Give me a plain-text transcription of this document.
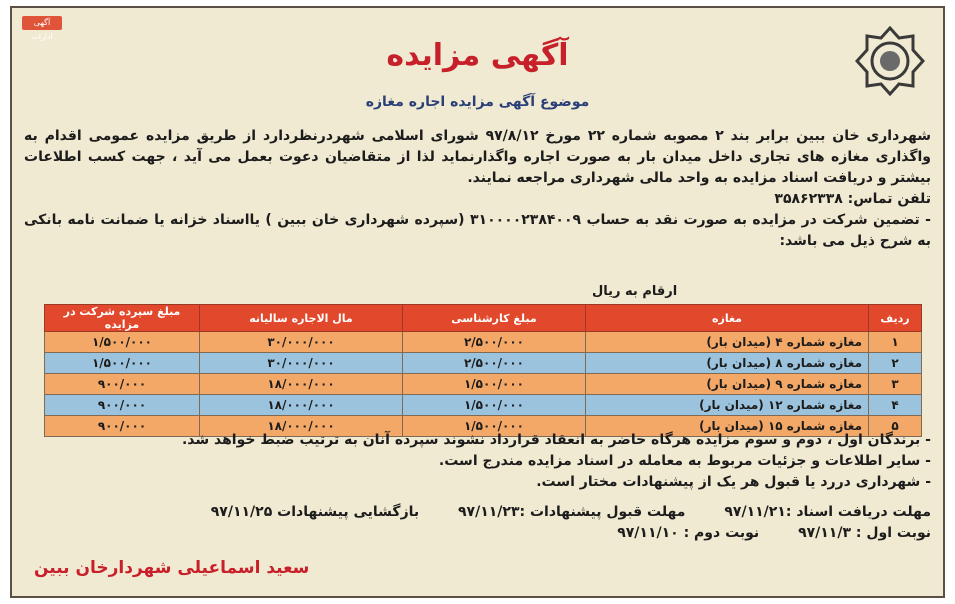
آگهی ادارات
آگهی مزایده
موضوع آگهی مزایده اجاره مغازه

شهرداری خان ببین برابر بند ۲ مصوبه شماره ۲۲ مورخ ۹۷/۸/۱۲ شورای اسلامی شهردرنظردارد از طریق مزایده عمومی اقدام به واگذاری مغازه های تجاری داخل میدان بار به صورت اجاره واگذارنماید لذا از متقاضیان دعوت بعمل می آید ، جهت کسب اطلاعات بیشتر و دریافت اسناد مزایده به واحد مالی شهرداری مراجعه نمایند.

تلفن تماس: ۳۵۸۶۲۳۳۸

- تضمین شرکت در مزایده به صورت نقد به حساب ۳۱۰۰۰۰۲۳۸۴۰۰۹ (سپرده شهرداری خان ببین ) یااسناد خزانه یا ضمانت نامه بانکی به شرح ذیل می باشد:

ارقام به ریال
ردیف	مغازه	مبلغ کارشناسی	مال الاجاره سالیانه	مبلغ سپرده شرکت در مزایده
۱	مغازه شماره ۴ (میدان بار)	۲/۵۰۰/۰۰۰	۳۰/۰۰۰/۰۰۰	۱/۵۰۰/۰۰۰
۲	مغازه شماره ۸ (میدان بار)	۲/۵۰۰/۰۰۰	۳۰/۰۰۰/۰۰۰	۱/۵۰۰/۰۰۰
۳	مغازه شماره ۹ (میدان بار)	۱/۵۰۰/۰۰۰	۱۸/۰۰۰/۰۰۰	۹۰۰/۰۰۰
۴	مغازه شماره ۱۲ (میدان بار)	۱/۵۰۰/۰۰۰	۱۸/۰۰۰/۰۰۰	۹۰۰/۰۰۰
۵	مغازه شماره ۱۵ (میدان بار)	۱/۵۰۰/۰۰۰	۱۸/۰۰۰/۰۰۰	۹۰۰/۰۰۰

- برندگان اول ، دوم و سوم مزایده هرگاه حاضر به انعقاد قرارداد نشوند سپرده آنان به ترتیب ضبط خواهد شد.

- سایر اطلاعات و جزئیات مربوط به معامله در اسناد مزایده مندرج است.

- شهرداری دررد یا قبول هر یک از پیشنهادات مختار است.

مهلت دریافت اسناد :۹۷/۱۱/۲۱ مهلت قبول پیشنهادات :۹۷/۱۱/۲۳ بازگشایی پیشنهادات ۹۷/۱۱/۲۵
نوبت اول : ۹۷/۱۱/۳ نوبت دوم : ۹۷/۱۱/۱۰
سعید اسماعیلی شهردارخان ببین
